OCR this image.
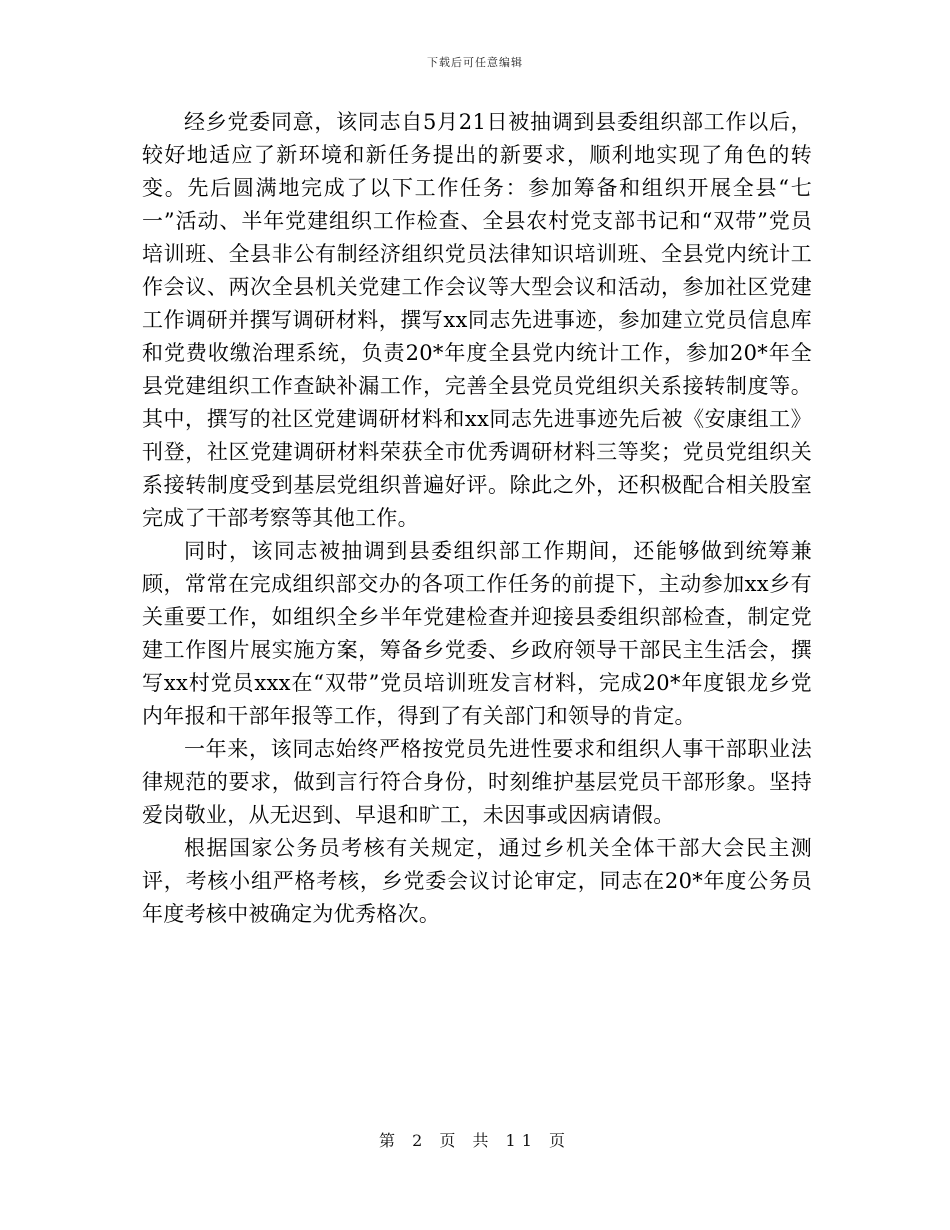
下载后可任意编辑

经乡党委同意，该同志自5月21日被抽调到县委组织部工作以后，较好地适应了新环境和新任务提出的新要求，顺利地实现了角色的转变。先后圆满地完成了以下工作任务：参加筹备和组织开展全县“七一”活动、半年党建组织工作检查、全县农村党支部书记和“双带”党员培训班、全县非公有制经济组织党员法律知识培训班、全县党内统计工作会议、两次全县机关党建工作会议等大型会议和活动，参加社区党建工作调研并撰写调研材料，撰写xx同志先进事迹，参加建立党员信息库和党费收缴治理系统，负责20*年度全县党内统计工作，参加20*年全县党建组织工作查缺补漏工作，完善全县党员党组织关系接转制度等。其中，撰写的社区党建调研材料和xx同志先进事迹先后被《安康组工》刊登，社区党建调研材料荣获全市优秀调研材料三等奖；党员党组织关系接转制度受到基层党组织普遍好评。除此之外，还积极配合相关股室完成了干部考察等其他工作。

同时，该同志被抽调到县委组织部工作期间，还能够做到统筹兼顾，常常在完成组织部交办的各项工作任务的前提下，主动参加xx乡有关重要工作，如组织全乡半年党建检查并迎接县委组织部检查，制定党建工作图片展实施方案，筹备乡党委、乡政府领导干部民主生活会，撰写xx村党员xxx在“双带”党员培训班发言材料，完成20*年度银龙乡党内年报和干部年报等工作，得到了有关部门和领导的肯定。

一年来，该同志始终严格按党员先进性要求和组织人事干部职业法律规范的要求，做到言行符合身份，时刻维护基层党员干部形象。坚持爱岗敬业，从无迟到、早退和旷工，未因事或因病请假。

根据国家公务员考核有关规定，通过乡机关全体干部大会民主测评，考核小组严格考核，乡党委会议讨论审定，同志在20*年度公务员年度考核中被确定为优秀格次。

第 2 页 共 11 页
